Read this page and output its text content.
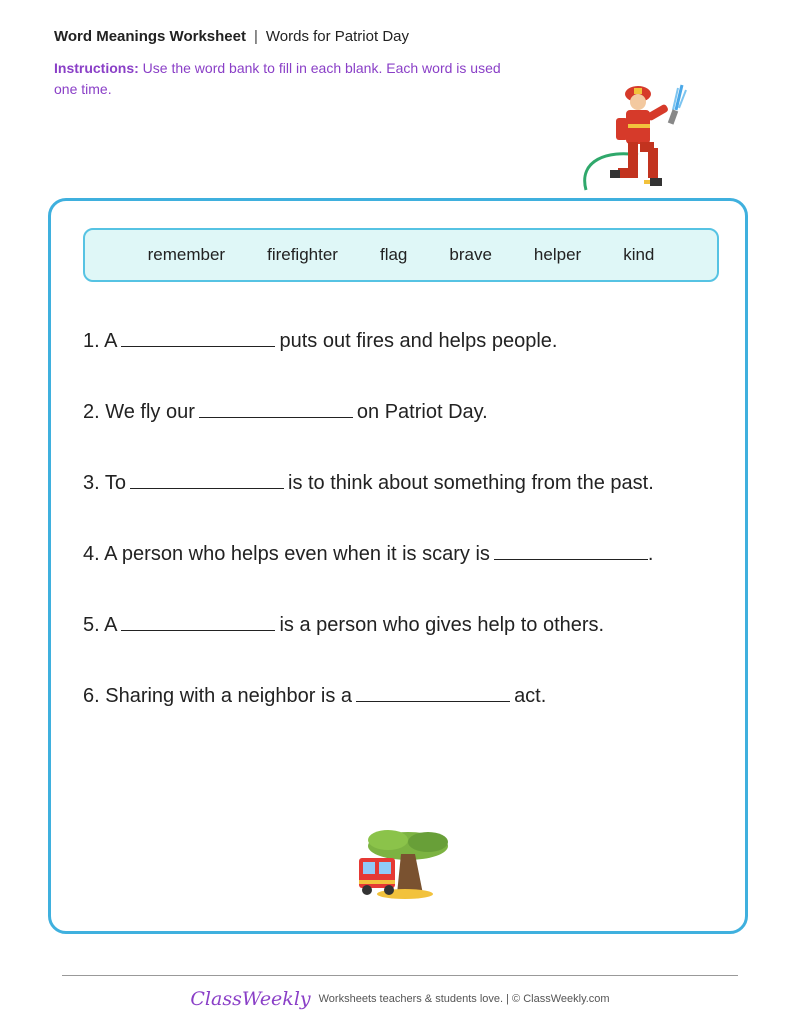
Word Meanings Worksheet | Words for Patriot Day
Instructions: Use the word bank to fill in each blank. Each word is used one time.
remember	firefighter	flag	brave	helper	kind
1. A	puts out fires and helps people.
2. We fly our	on Patriot Day.
3. To	is to think about something from the past.
4. A person who helps even when it is scary is	.
5. A	is a person who gives help to others.
6. Sharing with a neighbor is a	act.
ClassWeekly Worksheets teachers & students love. | © ClassWeekly.com
